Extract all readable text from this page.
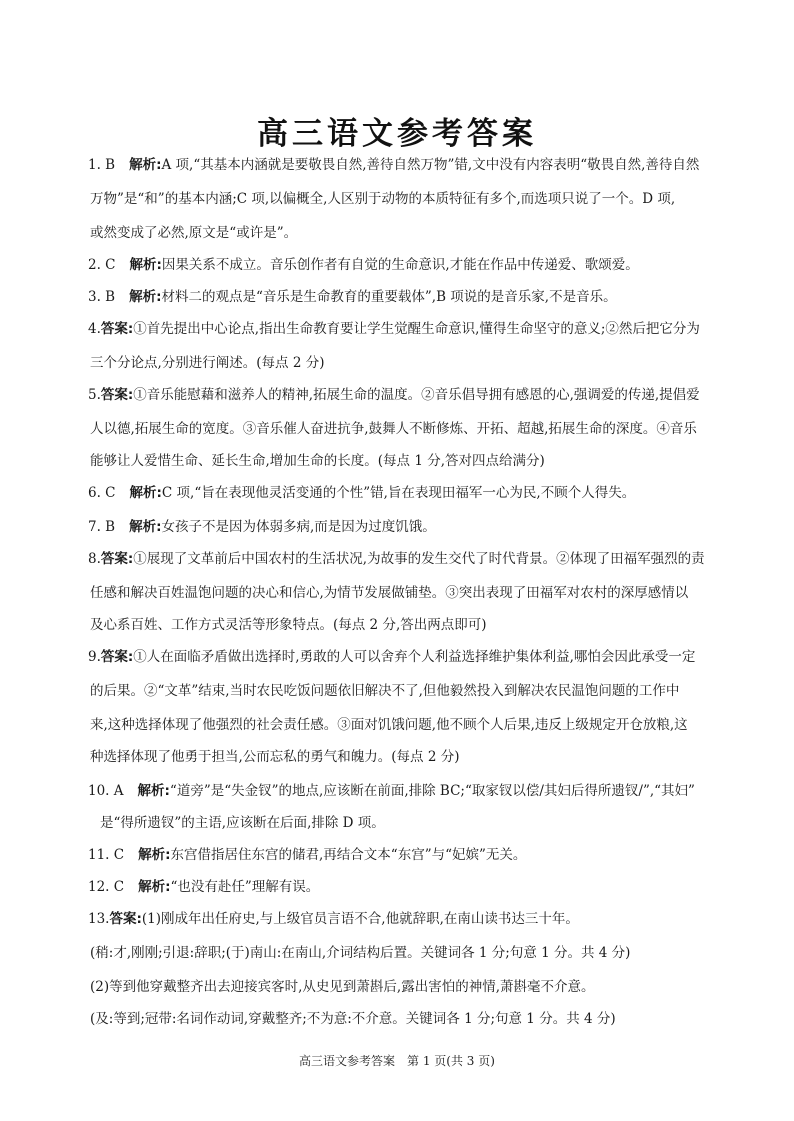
高三语文参考答案
1. B 解析:A 项,“其基本内涵就是要敬畏自然,善待自然万物”错,文中没有内容表明“敬畏自然,善待自然
万物”是“和”的基本内涵;C 项,以偏概全,人区别于动物的本质特征有多个,而选项只说了一个。D 项,
或然变成了必然,原文是“或许是”。
2. C 解析:因果关系不成立。音乐创作者有自觉的生命意识,才能在作品中传递爱、歌颂爱。
3. B 解析:材料二的观点是“音乐是生命教育的重要载体”,B 项说的是音乐家,不是音乐。
4.答案:①首先提出中心论点,指出生命教育要让学生觉醒生命意识,懂得生命坚守的意义;②然后把它分为
三个分论点,分别进行阐述。(每点 2 分)
5.答案:①音乐能慰藉和滋养人的精神,拓展生命的温度。②音乐倡导拥有感恩的心,强调爱的传递,提倡爱
人以德,拓展生命的宽度。③音乐催人奋进抗争,鼓舞人不断修炼、开拓、超越,拓展生命的深度。④音乐
能够让人爱惜生命、延长生命,增加生命的长度。(每点 1 分,答对四点给满分)
6. C 解析:C 项,“旨在表现他灵活变通的个性”错,旨在表现田福军一心为民,不顾个人得失。
7. B 解析:女孩子不是因为体弱多病,而是因为过度饥饿。
8.答案:①展现了文革前后中国农村的生活状况,为故事的发生交代了时代背景。②体现了田福军强烈的责
任感和解决百姓温饱问题的决心和信心,为情节发展做铺垫。③突出表现了田福军对农村的深厚感情以
及心系百姓、工作方式灵活等形象特点。(每点 2 分,答出两点即可)
9.答案:①人在面临矛盾做出选择时,勇敢的人可以舍弃个人利益选择维护集体利益,哪怕会因此承受一定
的后果。②“文革”结束,当时农民吃饭问题依旧解决不了,但他毅然投入到解决农民温饱问题的工作中
来,这种选择体现了他强烈的社会责任感。③面对饥饿问题,他不顾个人后果,违反上级规定开仓放粮,这
种选择体现了他勇于担当,公而忘私的勇气和魄力。(每点 2 分)
10. A 解析:“道旁”是“失金钗”的地点,应该断在前面,排除 BC;“取家钗以偿/其妇后得所遗钗/”,“其妇”
是“得所遗钗”的主语,应该断在后面,排除 D 项。
11. C 解析:东宫借指居住东宫的储君,再结合文本“东宫”与“妃嫔”无关。
12. C 解析:“也没有赴任”理解有误。
13.答案:(1)刚成年出任府史,与上级官员言语不合,他就辞职,在南山读书达三十年。
(稍:才,刚刚;引退:辞职;(于)南山:在南山,介词结构后置。关键词各 1 分;句意 1 分。共 4 分)
(2)等到他穿戴整齐出去迎接宾客时,从史见到萧斟后,露出害怕的神情,萧斟毫不介意。
(及:等到;冠带:名词作动词,穿戴整齐;不为意:不介意。关键词各 1 分;句意 1 分。共 4 分)
高三语文参考答案　第 1 页(共 3 页)
